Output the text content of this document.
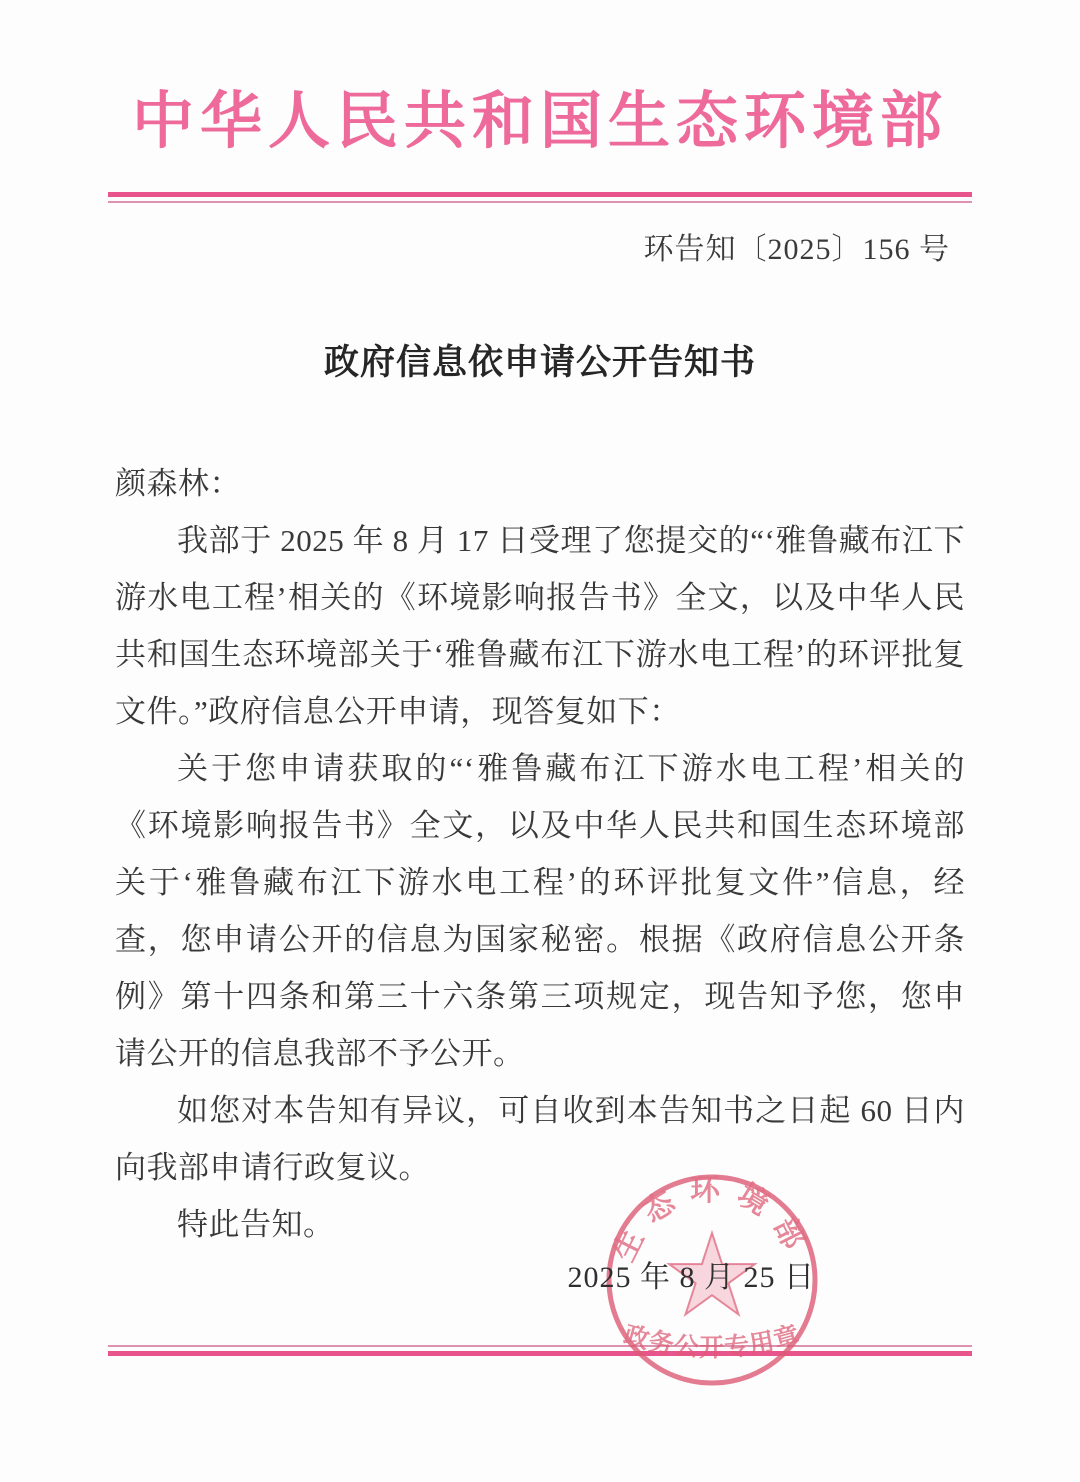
中华人民共和国生态环境部
环告知〔2025〕156 号
政府信息依申请公开告知书

颜森林：

我部于 2025 年 8 月 17 日受理了您提交的“‘雅鲁藏布江下游水电工程’相关的《环境影响报告书》全文，以及中华人民共和国生态环境部关于‘雅鲁藏布江下游水电工程’的环评批复文件。”政府信息公开申请，现答复如下：

关于您申请获取的“‘雅鲁藏布江下游水电工程’相关的《环境影响报告书》全文，以及中华人民共和国生态环境部关于‘雅鲁藏布江下游水电工程’的环评批复文件”信息，经查，您申请公开的信息为国家秘密。根据《政府信息公开条例》第十四条和第三十六条第三项规定，现告知予您，您申请公开的信息我部不予公开。

如您对本告知有异议，可自收到本告知书之日起 60 日内向我部申请行政复议。

特此告知。

2025 年 8 月 25 日
生态环境部
政务公开专用章
